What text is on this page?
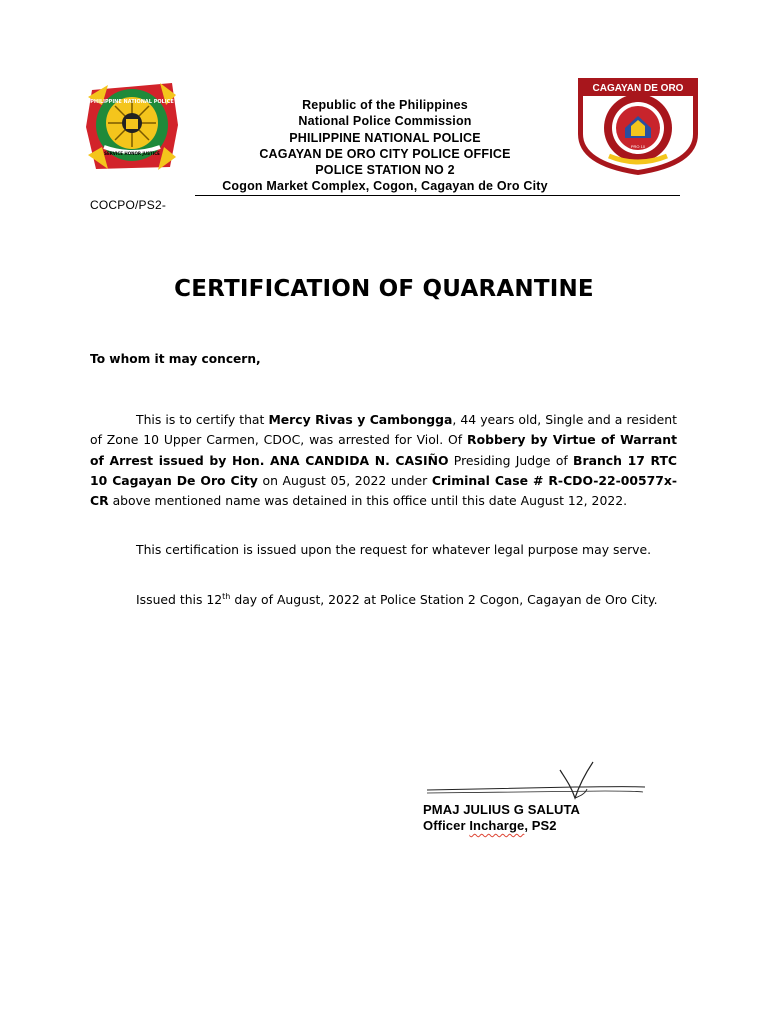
PHILIPPINE NATIONAL POLICE
SERVICE HONOR JUSTICE
Republic of the Philippines
National Police Commission
PHILIPPINE NATIONAL POLICE
CAGAYAN DE ORO CITY POLICE OFFICE
POLICE STATION NO 2
Cogon Market Complex, Cogon, Cagayan de Oro City
CAGAYAN DE ORO
PRO 10
COCPO/PS2-
CERTIFICATION OF QUARANTINE
To whom it may concern,
This is to certify that Mercy Rivas y Cambongga, 44 years old, Single and a resident of Zone 10 Upper Carmen, CDOC, was arrested for Viol. Of Robbery by Virtue of Warrant of Arrest issued by Hon. ANA CANDIDA N. CASIÑO Presiding Judge of Branch 17 RTC 10 Cagayan De Oro City on August 05, 2022 under Criminal Case # R-CDO-22-00577x-CR above mentioned name was detained in this office until this date August 12, 2022.
This certification is issued upon the request for whatever legal purpose may serve.
Issued this 12th day of August, 2022 at Police Station 2 Cogon, Cagayan de Oro City.
PMAJ JULIUS G SALUTA
Officer Incharge, PS2
